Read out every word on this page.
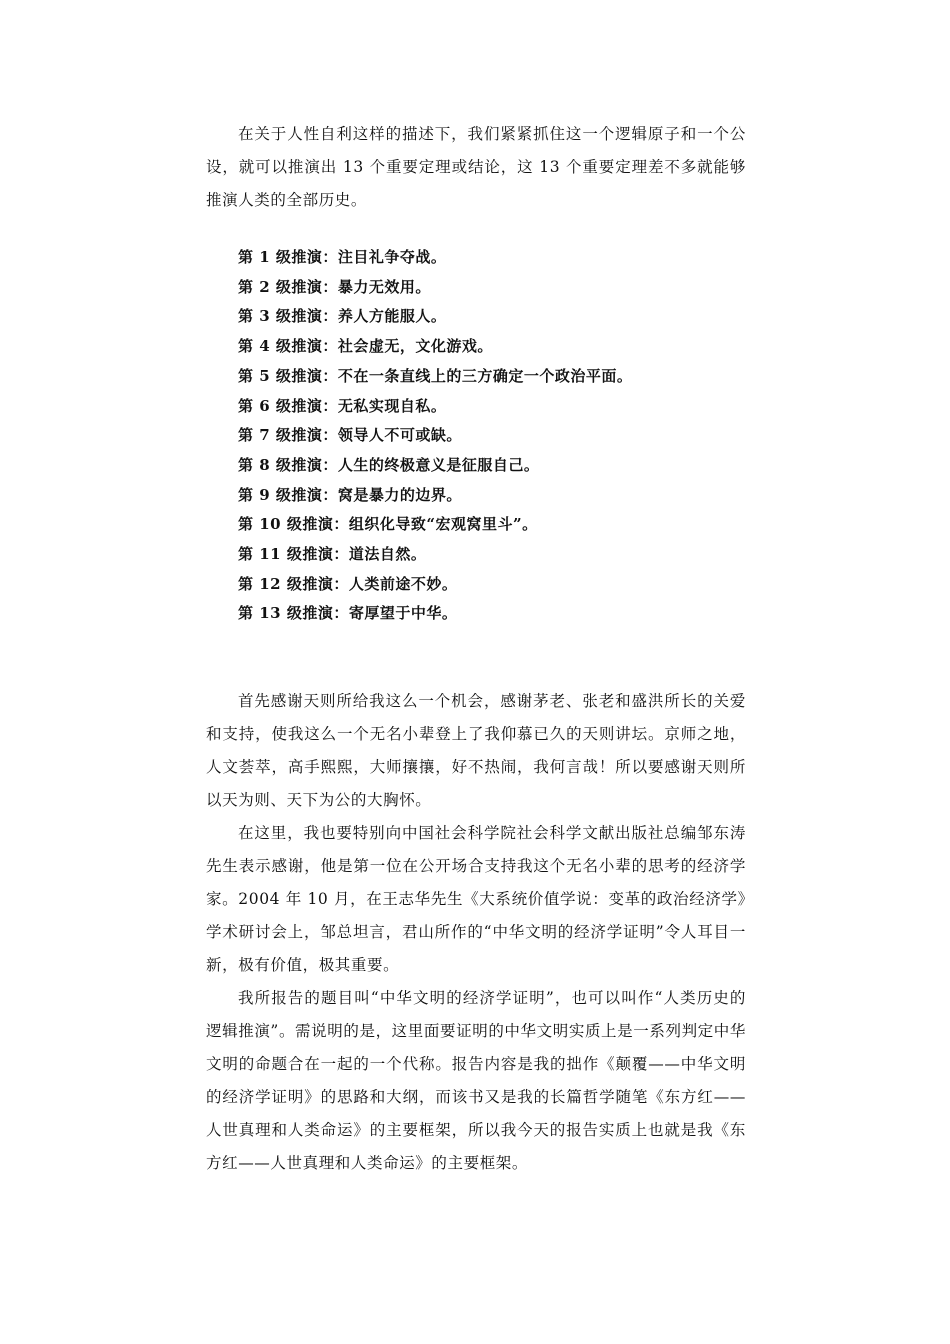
在关于人性自利这样的描述下，我们紧紧抓住这一个逻辑原子和一个公设，就可以推演出 13 个重要定理或结论，这 13 个重要定理差不多就能够推演人类的全部历史。

第 1 级推演：注目礼争夺战。

第 2 级推演：暴力无效用。

第 3 级推演：养人方能服人。

第 4 级推演：社会虚无，文化游戏。

第 5 级推演：不在一条直线上的三方确定一个政治平面。

第 6 级推演：无私实现自私。

第 7 级推演：领导人不可或缺。

第 8 级推演：人生的终极意义是征服自己。

第 9 级推演：窝是暴力的边界。

第 10 级推演：组织化导致“宏观窝里斗”。

第 11 级推演：道法自然。

第 12 级推演：人类前途不妙。

第 13 级推演：寄厚望于中华。

首先感谢天则所给我这么一个机会，感谢茅老、张老和盛洪所长的关爱和支持，使我这么一个无名小辈登上了我仰慕已久的天则讲坛。京师之地，人文荟萃，高手熙熙，大师攘攘，好不热闹，我何言哉！所以要感谢天则所以天为则、天下为公的大胸怀。

在这里，我也要特别向中国社会科学院社会科学文献出版社总编邹东涛先生表示感谢，他是第一位在公开场合支持我这个无名小辈的思考的经济学家。2004 年 10 月，在王志华先生《大系统价值学说：变革的政治经济学》学术研讨会上，邹总坦言，君山所作的“中华文明的经济学证明”令人耳目一新，极有价值，极其重要。

我所报告的题目叫“中华文明的经济学证明”，也可以叫作“人类历史的逻辑推演”。需说明的是，这里面要证明的中华文明实质上是一系列判定中华文明的命题合在一起的一个代称。报告内容是我的拙作《颠覆——中华文明的经济学证明》的思路和大纲，而该书又是我的长篇哲学随笔《东方红——人世真理和人类命运》的主要框架，所以我今天的报告实质上也就是我《东方红——人世真理和人类命运》的主要框架。
